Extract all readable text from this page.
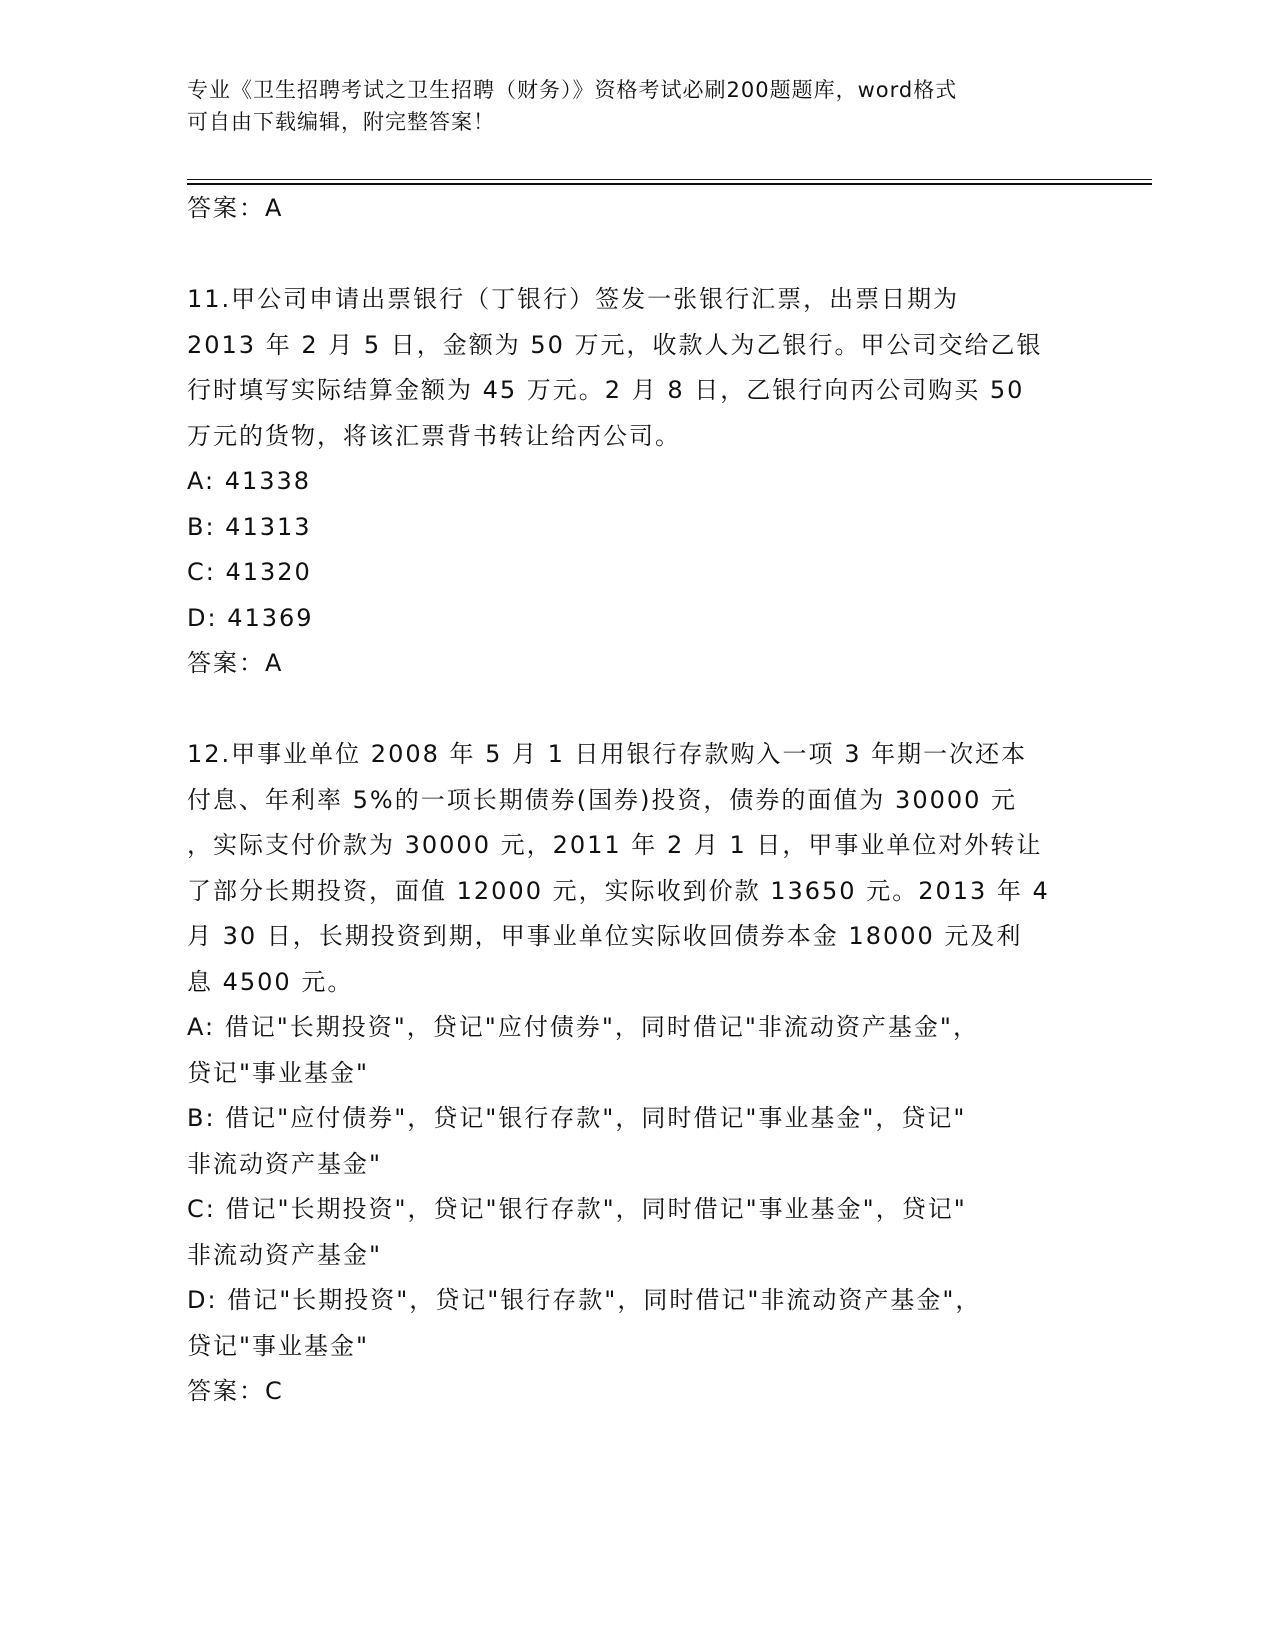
专业《卫生招聘考试之卫生招聘（财务）》资格考试必刷200题题库，word格式
可自由下载编辑，附完整答案！
答案：A
11.甲公司申请出票银行（丁银行）签发一张银行汇票，出票日期为
2013 年 2 月 5 日，金额为 50 万元，收款人为乙银行。甲公司交给乙银
行时填写实际结算金额为 45 万元。2 月 8 日，乙银行向丙公司购买 50
万元的货物，将该汇票背书转让给丙公司。
A: 41338
B: 41313
C: 41320
D: 41369
答案：A
12.甲事业单位 2008 年 5 月 1 日用银行存款购入一项 3 年期一次还本
付息、年利率 5%的一项长期债券(国券)投资，债券的面值为 30000 元
，实际支付价款为 30000 元，2011 年 2 月 1 日，甲事业单位对外转让
了部分长期投资，面值 12000 元，实际收到价款 13650 元。2013 年 4
月 30 日，长期投资到期，甲事业单位实际收回债券本金 18000 元及利
息 4500 元。
A: 借记"长期投资"，贷记"应付债券"，同时借记"非流动资产基金"，
贷记"事业基金"
B: 借记"应付债券"，贷记"银行存款"，同时借记"事业基金"，贷记"
非流动资产基金"
C: 借记"长期投资"，贷记"银行存款"，同时借记"事业基金"，贷记"
非流动资产基金"
D: 借记"长期投资"，贷记"银行存款"，同时借记"非流动资产基金"，
贷记"事业基金"
答案：C
